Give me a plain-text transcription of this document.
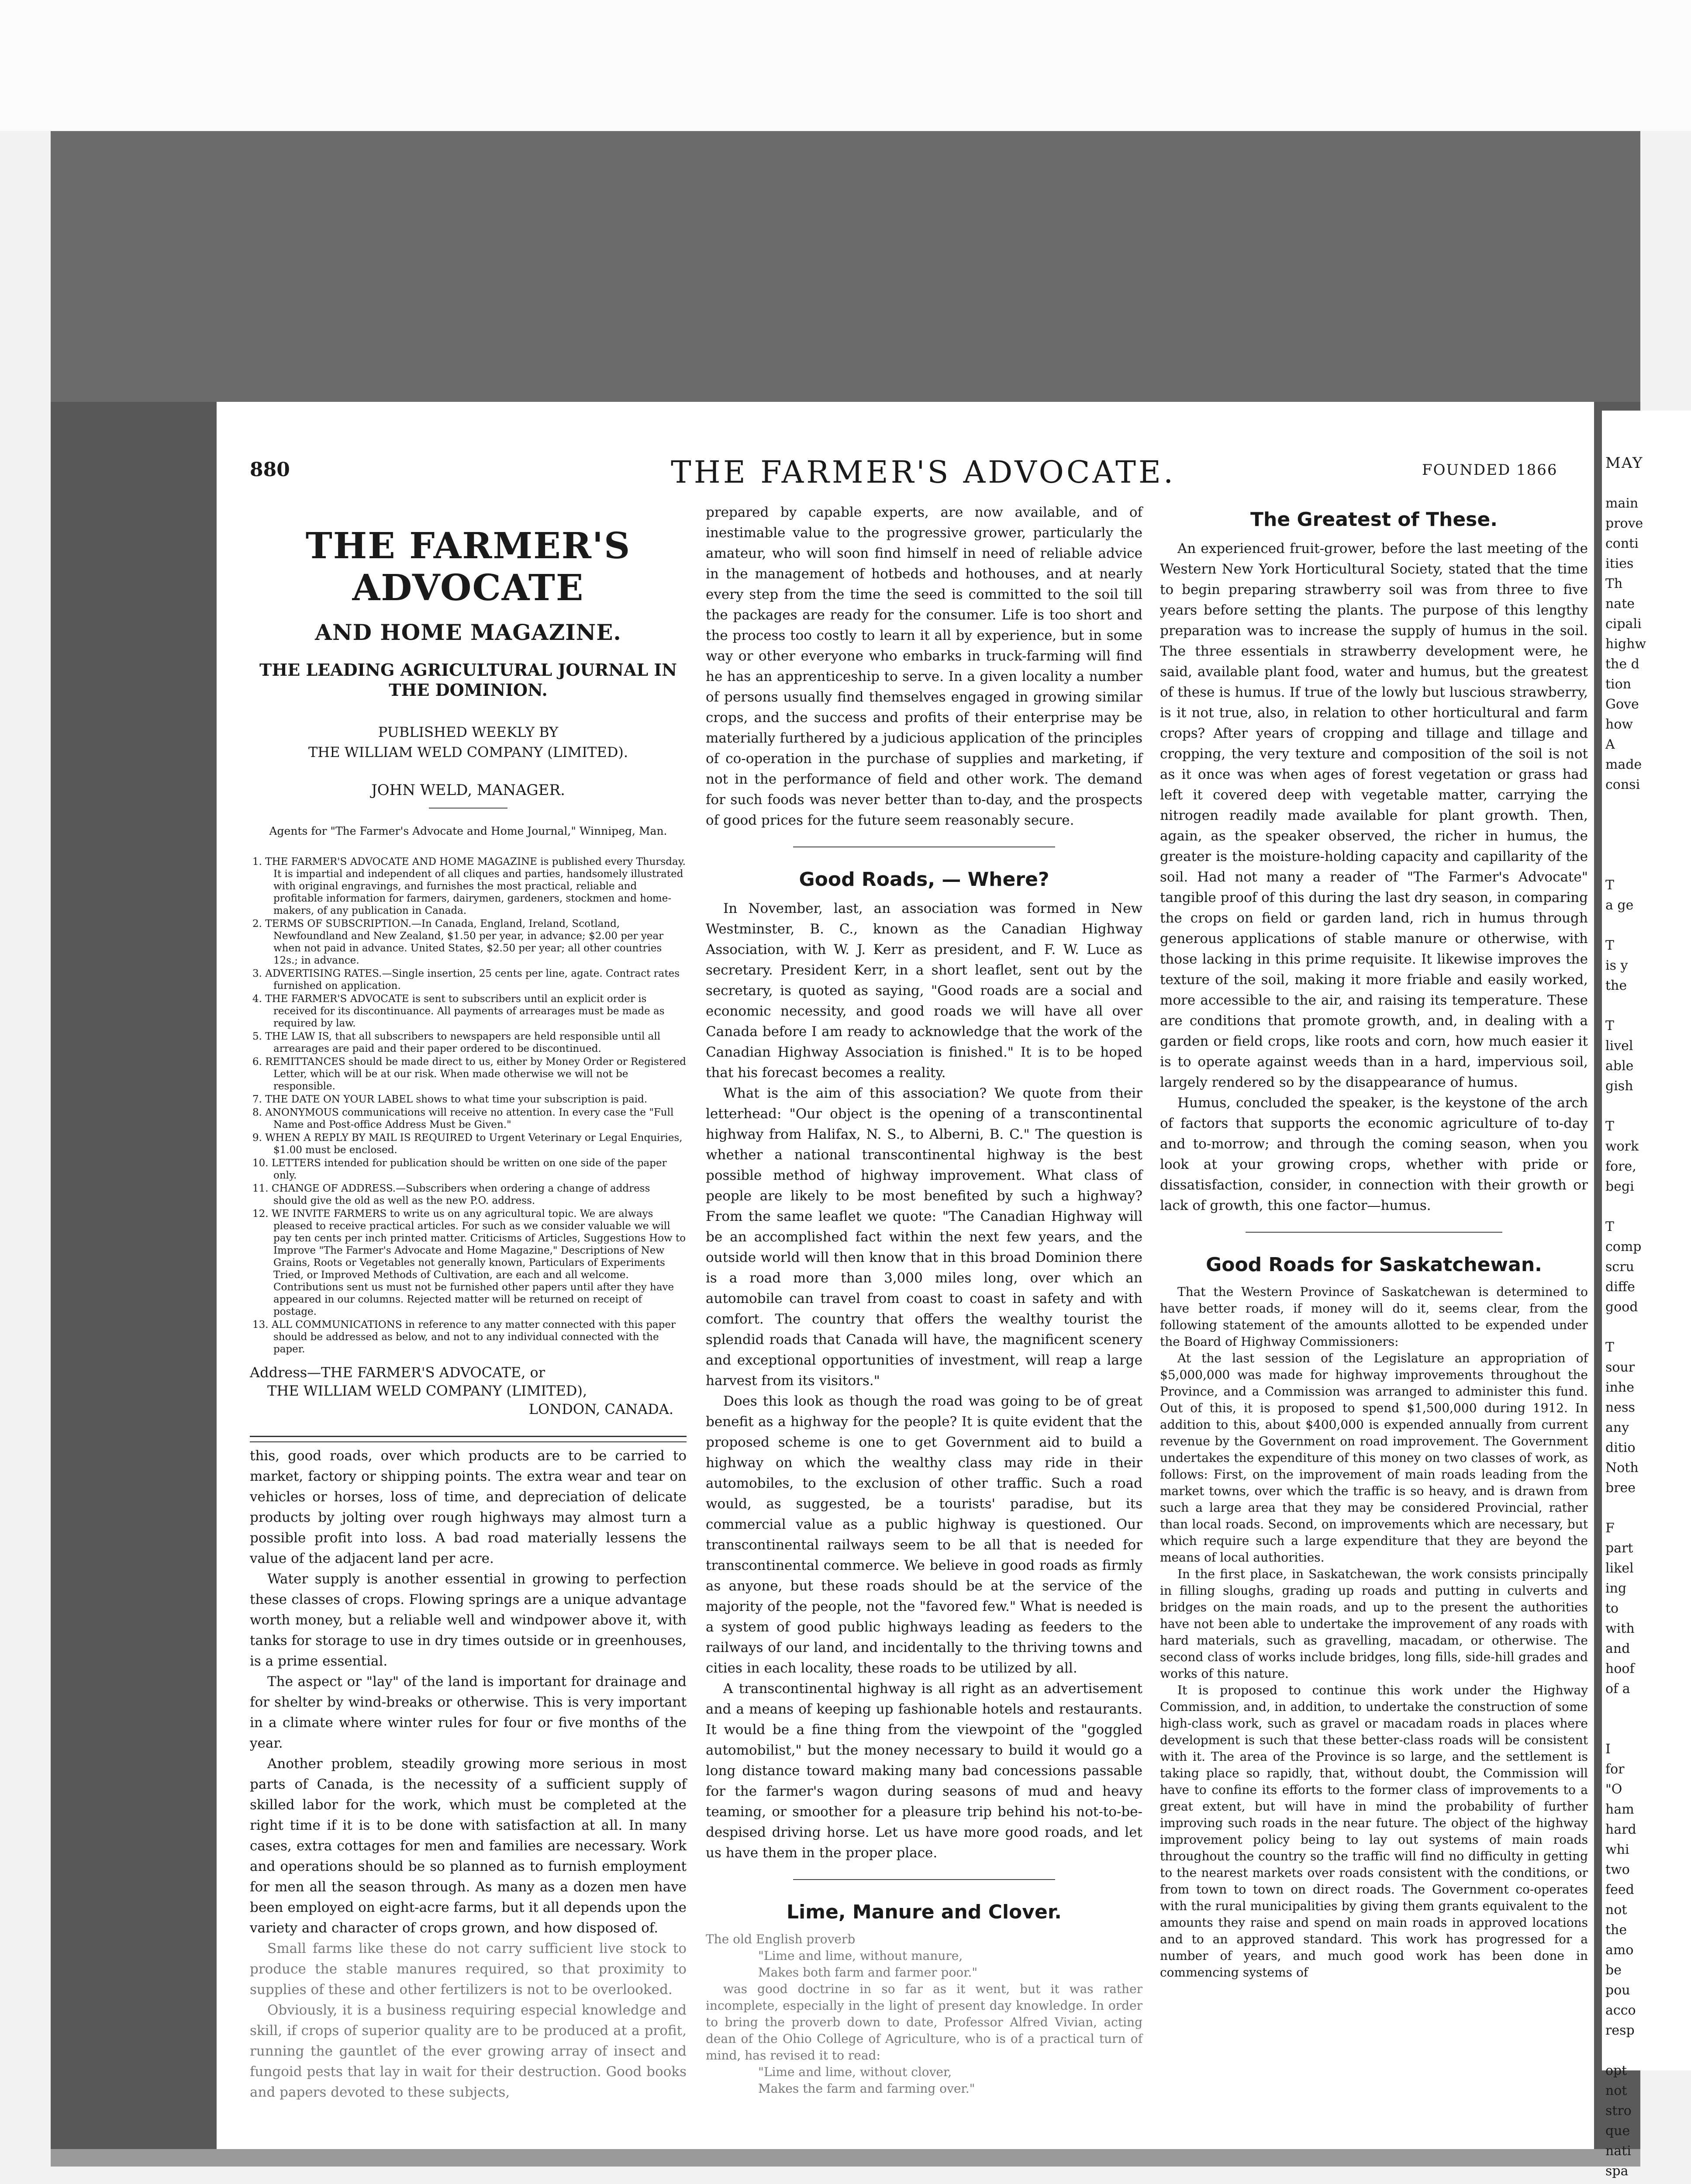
880	THE FARMER'S ADVOCATE.	FOUNDED 1866
THE FARMER'S ADVOCATE
AND HOME MAGAZINE.
THE LEADING AGRICULTURAL JOURNAL IN THE DOMINION.
PUBLISHED WEEKLY BY
THE WILLIAM WELD COMPANY (LIMITED).
JOHN WELD, MANAGER.
Agents for "The Farmer's Advocate and Home Journal," Winnipeg, Man.
1. THE FARMER'S ADVOCATE AND HOME MAGAZINE is published every Thursday. It is impartial and independent of all cliques and parties, handsomely illustrated with original engravings, and furnishes the most practical, reliable and profitable information for farmers, dairymen, gardeners, stockmen and home-makers, of any publication in Canada.
2. TERMS OF SUBSCRIPTION.—In Canada, England, Ireland, Scotland, Newfoundland and New Zealand, $1.50 per year, in advance; $2.00 per year when not paid in advance. United States, $2.50 per year; all other countries 12s.; in advance.
3. ADVERTISING RATES.—Single insertion, 25 cents per line, agate. Contract rates furnished on application.
4. THE FARMER'S ADVOCATE is sent to subscribers until an explicit order is received for its discontinuance. All payments of arrearages must be made as required by law.
5. THE LAW IS, that all subscribers to newspapers are held responsible until all arrearages are paid and their paper ordered to be discontinued.
6. REMITTANCES should be made direct to us, either by Money Order or Registered Letter, which will be at our risk. When made otherwise we will not be responsible.
7. THE DATE ON YOUR LABEL shows to what time your subscription is paid.
8. ANONYMOUS communications will receive no attention. In every case the "Full Name and Post-office Address Must be Given."
9. WHEN A REPLY BY MAIL IS REQUIRED to Urgent Veterinary or Legal Enquiries, $1.00 must be enclosed.
10. LETTERS intended for publication should be written on one side of the paper only.
11. CHANGE OF ADDRESS.—Subscribers when ordering a change of address should give the old as well as the new P.O. address.
12. WE INVITE FARMERS to write us on any agricultural topic. We are always pleased to receive practical articles. For such as we consider valuable we will pay ten cents per inch printed matter. Criticisms of Articles, Suggestions How to Improve "The Farmer's Advocate and Home Magazine," Descriptions of New Grains, Roots or Vegetables not generally known, Particulars of Experiments Tried, or Improved Methods of Cultivation, are each and all welcome. Contributions sent us must not be furnished other papers until after they have appeared in our columns. Rejected matter will be returned on receipt of postage.
13. ALL COMMUNICATIONS in reference to any matter connected with this paper should be addressed as below, and not to any individual connected with the paper.
Address—THE FARMER'S ADVOCATE, or
THE WILLIAM WELD COMPANY (LIMITED),
LONDON, CANADA.

this, good roads, over which products are to be carried to market, factory or shipping points. The extra wear and tear on vehicles or horses, loss of time, and depreciation of delicate products by jolting over rough highways may almost turn a possible profit into loss. A bad road materially lessens the value of the adjacent land per acre.

Water supply is another essential in growing to perfection these classes of crops. Flowing springs are a unique advantage worth money, but a reliable well and windpower above it, with tanks for storage to use in dry times outside or in greenhouses, is a prime essential.

The aspect or "lay" of the land is important for drainage and for shelter by wind-breaks or otherwise. This is very important in a climate where winter rules for four or five months of the year.

Another problem, steadily growing more serious in most parts of Canada, is the necessity of a sufficient supply of skilled labor for the work, which must be completed at the right time if it is to be done with satisfaction at all. In many cases, extra cottages for men and families are necessary. Work and operations should be so planned as to furnish employment for men all the season through. As many as a dozen men have been employed on eight-acre farms, but it all depends upon the variety and character of crops grown, and how disposed of.

Small farms like these do not carry sufficient live stock to produce the stable manures required, so that proximity to supplies of these and other fertilizers is not to be overlooked.

Obviously, it is a business requiring especial knowledge and skill, if crops of superior quality are to be produced at a profit, running the gauntlet of the ever growing array of insect and fungoid pests that lay in wait for their destruction. Good books and papers devoted to these subjects,

prepared by capable experts, are now available, and of inestimable value to the progressive grower, particularly the amateur, who will soon find himself in need of reliable advice in the management of hotbeds and hothouses, and at nearly every step from the time the seed is committed to the soil till the packages are ready for the consumer. Life is too short and the process too costly to learn it all by experience, but in some way or other everyone who embarks in truck-farming will find he has an apprenticeship to serve. In a given locality a number of persons usually find themselves engaged in growing similar crops, and the success and profits of their enterprise may be materially furthered by a judicious application of the principles of co-operation in the purchase of supplies and marketing, if not in the performance of field and other work. The demand for such foods was never better than to-day, and the prospects of good prices for the future seem reasonably secure.

Good Roads, — Where?

In November, last, an association was formed in New Westminster, B. C., known as the Canadian Highway Association, with W. J. Kerr as president, and F. W. Luce as secretary. President Kerr, in a short leaflet, sent out by the secretary, is quoted as saying, "Good roads are a social and economic necessity, and good roads we will have all over Canada before I am ready to acknowledge that the work of the Canadian Highway Association is finished." It is to be hoped that his forecast becomes a reality.

What is the aim of this association? We quote from their letterhead: "Our object is the opening of a transcontinental highway from Halifax, N. S., to Alberni, B. C." The question is whether a national transcontinental highway is the best possible method of highway improvement. What class of people are likely to be most benefited by such a highway? From the same leaflet we quote: "The Canadian Highway will be an accomplished fact within the next few years, and the outside world will then know that in this broad Dominion there is a road more than 3,000 miles long, over which an automobile can travel from coast to coast in safety and with comfort. The country that offers the wealthy tourist the splendid roads that Canada will have, the magnificent scenery and exceptional opportunities of investment, will reap a large harvest from its visitors."

Does this look as though the road was going to be of great benefit as a highway for the people? It is quite evident that the proposed scheme is one to get Government aid to build a highway on which the wealthy class may ride in their automobiles, to the exclusion of other traffic. Such a road would, as suggested, be a tourists' paradise, but its commercial value as a public highway is questioned. Our transcontinental railways seem to be all that is needed for transcontinental commerce. We believe in good roads as firmly as anyone, but these roads should be at the service of the majority of the people, not the "favored few." What is needed is a system of good public highways leading as feeders to the railways of our land, and incidentally to the thriving towns and cities in each locality, these roads to be utilized by all.

A transcontinental highway is all right as an advertisement and a means of keeping up fashionable hotels and restaurants. It would be a fine thing from the viewpoint of the "goggled automobilist," but the money necessary to build it would go a long distance toward making many bad concessions passable for the farmer's wagon during seasons of mud and heavy teaming, or smoother for a pleasure trip behind his not-to-be-despised driving horse. Let us have more good roads, and let us have them in the proper place.

Lime, Manure and Clover.

The old English proverb

"Lime and lime, without manure,

Makes both farm and farmer poor."

was good doctrine in so far as it went, but it was rather incomplete, especially in the light of present day knowledge. In order to bring the proverb down to date, Professor Alfred Vivian, acting dean of the Ohio College of Agriculture, who is of a practical turn of mind, has revised it to read:

"Lime and lime, without clover,

Makes the farm and farming over."

The Greatest of These.

An experienced fruit-grower, before the last meeting of the Western New York Horticultural Society, stated that the time to begin preparing strawberry soil was from three to five years before setting the plants. The purpose of this lengthy preparation was to increase the supply of humus in the soil. The three essentials in strawberry development were, he said, available plant food, water and humus, but the greatest of these is humus. If true of the lowly but luscious strawberry, is it not true, also, in relation to other horticultural and farm crops? After years of cropping and tillage and tillage and cropping, the very texture and composition of the soil is not as it once was when ages of forest vegetation or grass had left it covered deep with vegetable matter, carrying the nitrogen readily made available for plant growth. Then, again, as the speaker observed, the richer in humus, the greater is the moisture-holding capacity and capillarity of the soil. Had not many a reader of "The Farmer's Advocate" tangible proof of this during the last dry season, in comparing the crops on field or garden land, rich in humus through generous applications of stable manure or otherwise, with those lacking in this prime requisite. It likewise improves the texture of the soil, making it more friable and easily worked, more accessible to the air, and raising its temperature. These are conditions that promote growth, and, in dealing with a garden or field crops, like roots and corn, how much easier it is to operate against weeds than in a hard, impervious soil, largely rendered so by the disappearance of humus.

Humus, concluded the speaker, is the keystone of the arch of factors that supports the economic agriculture of to-day and to-morrow; and through the coming season, when you look at your growing crops, whether with pride or dissatisfaction, consider, in connection with their growth or lack of growth, this one factor—humus.

Good Roads for Saskatchewan.

That the Western Province of Saskatchewan is determined to have better roads, if money will do it, seems clear, from the following statement of the amounts allotted to be expended under the Board of Highway Commissioners:

At the last session of the Legislature an appropriation of $5,000,000 was made for highway improvements throughout the Province, and a Commission was arranged to administer this fund. Out of this, it is proposed to spend $1,500,000 during 1912. In addition to this, about $400,000 is expended annually from current revenue by the Government on road improvement. The Government undertakes the expenditure of this money on two classes of work, as follows: First, on the improvement of main roads leading from the market towns, over which the traffic is so heavy, and is drawn from such a large area that they may be considered Provincial, rather than local roads. Second, on improvements which are necessary, but which require such a large expenditure that they are beyond the means of local authorities.

In the first place, in Saskatchewan, the work consists principally in filling sloughs, grading up roads and putting in culverts and bridges on the main roads, and up to the present the authorities have not been able to undertake the improvement of any roads with hard materials, such as gravelling, macadam, or otherwise. The second class of works include bridges, long fills, side-hill grades and works of this nature.

It is proposed to continue this work under the Highway Commission, and, in addition, to undertake the construction of some high-class work, such as gravel or macadam roads in places where development is such that these better-class roads will be consistent with it. The area of the Province is so large, and the settlement is taking place so rapidly, that, without doubt, the Commission will have to confine its efforts to the former class of improvements to a great extent, but will have in mind the probability of further improving such roads in the near future. The object of the highway improvement policy being to lay out systems of main roads throughout the country so the traffic will find no difficulty in getting to the nearest markets over roads consistent with the conditions, or from town to town on direct roads. The Government co-operates with the rural municipalities by giving them grants equivalent to the amounts they raise and spend on main roads in approved locations and to an approved standard. This work has progressed for a number of years, and much good work has been done in commencing systems of

MAY
main
prove
conti
ities
Th
nate
cipali
highw
the d
tion
Gove
how
A
made
consi
T
a ge
T
is y
the
T
livel
able
gish
T
work
fore,
begi
T
comp
scru
diffe
good
T
sour
inhe
ness
any
ditio
Noth
bree
F
part
likel
ing
to
with
and
hoof
of a
I
for
"O
ham
hard
whi
two
feed
not
the
amo
be
pou
acco
resp
opt
not
stro
que
nati
spa
